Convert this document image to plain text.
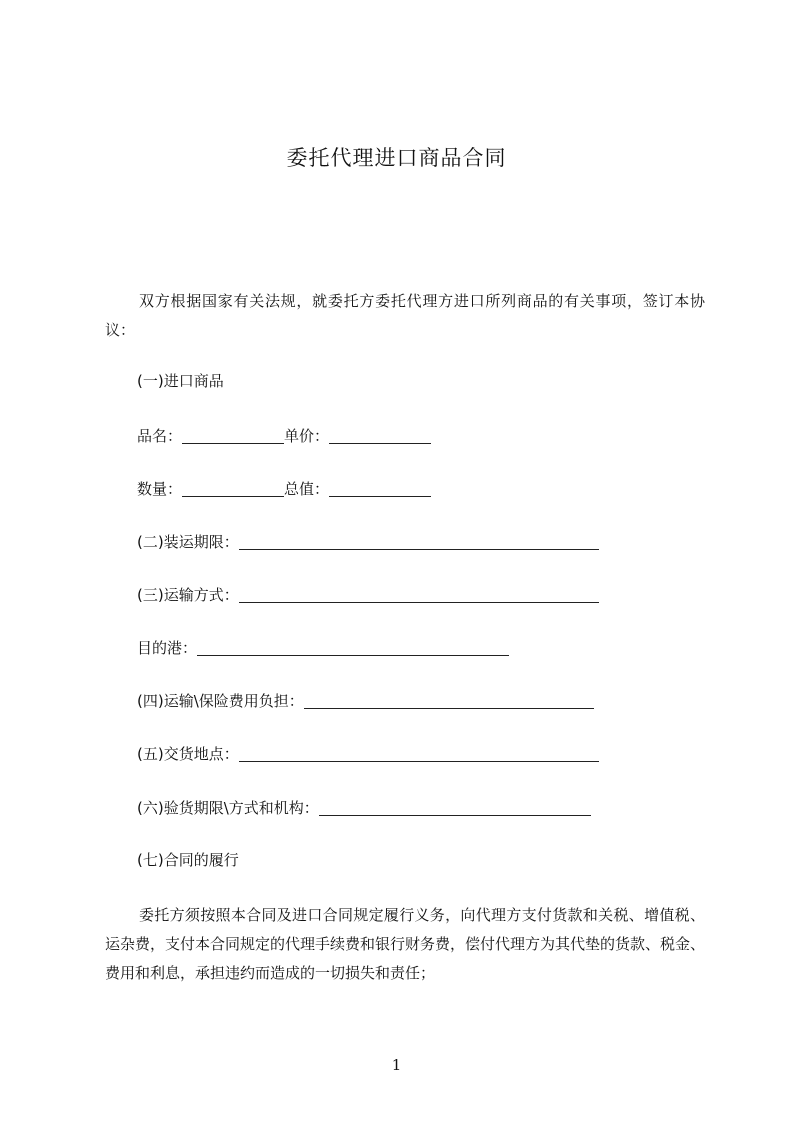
委托代理进口商品合同
双方根据国家有关法规，就委托方委托代理方进口所列商品的有关事项，签订本协议：
(一)进口商品
品名：	单价：
数量：	总值：
(二)装运期限：
(三)运输方式：
目的港：
(四)运输\保险费用负担：
(五)交货地点：
(六)验货期限\方式和机构：
(七)合同的履行
委托方须按照本合同及进口合同规定履行义务，向代理方支付货款和关税、增值税、运杂费，支付本合同规定的代理手续费和银行财务费，偿付代理方为其代垫的货款、税金、费用和利息，承担违约而造成的一切损失和责任；
1
